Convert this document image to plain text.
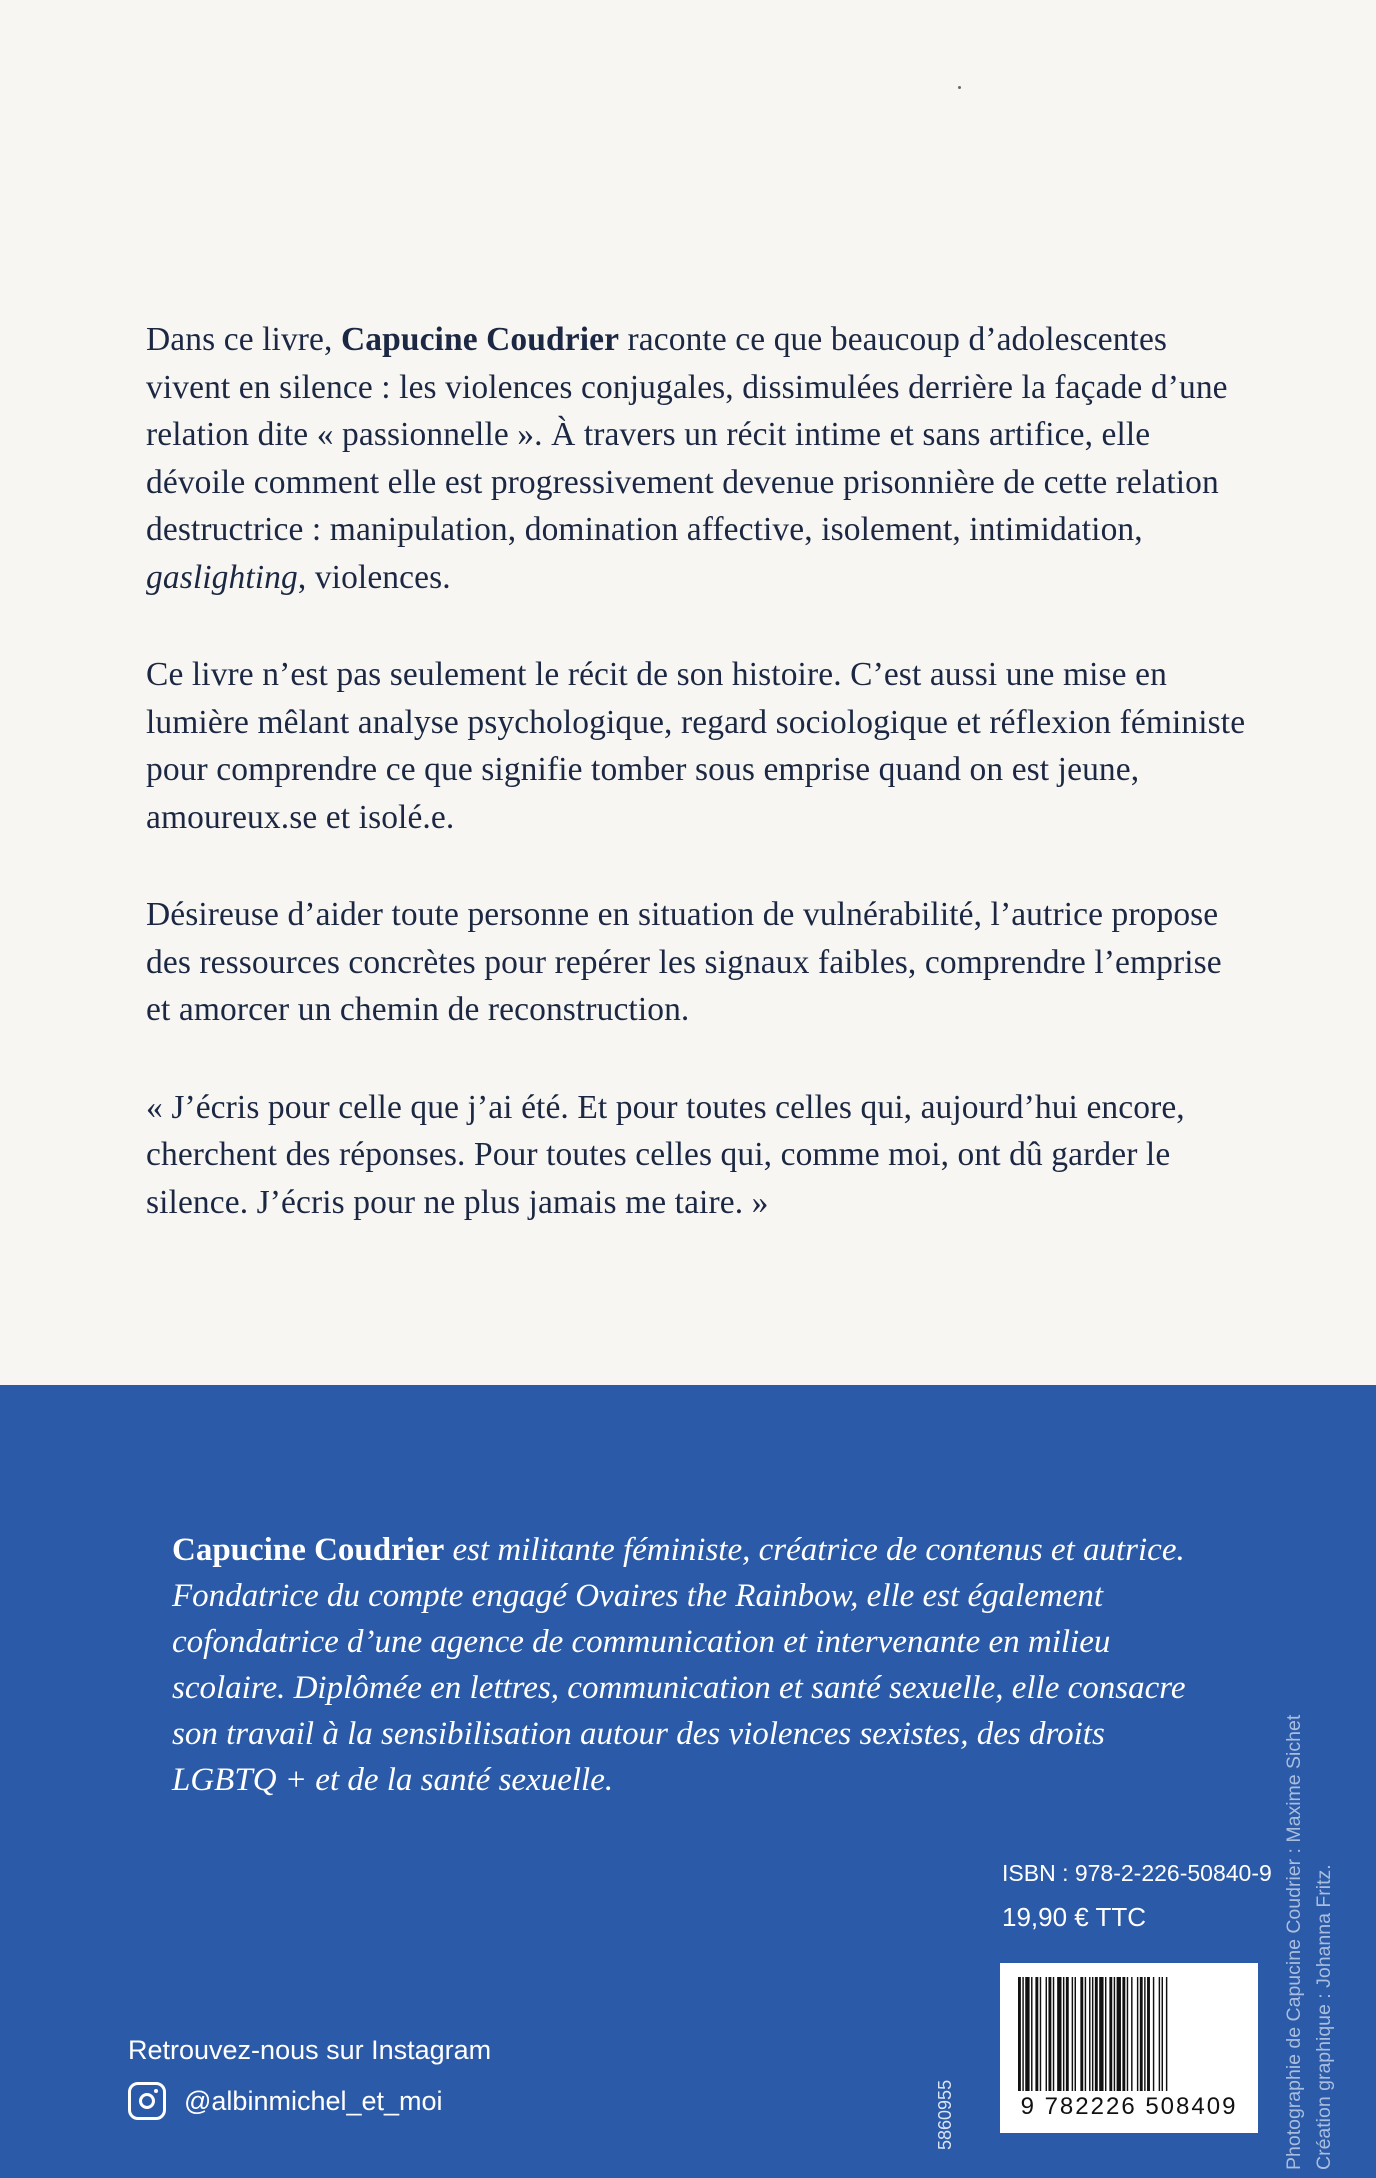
Dans ce livre, Capucine Coudrier raconte ce que beaucoup d’adolescentes vivent en silence : les violences conjugales, dissimulées derrière la façade d’une relation dite « passionnelle ». À travers un récit intime et sans artifice, elle dévoile comment elle est progressivement devenue prisonnière de cette relation destructrice : manipulation, domination affective, isolement, intimidation, gaslighting, violences.

Ce livre n’est pas seulement le récit de son histoire. C’est aussi une mise en lumière mêlant analyse psychologique, regard sociologique et réflexion féministe pour comprendre ce que signifie tomber sous emprise quand on est jeune, amoureux.se et isolé.e.

Désireuse d’aider toute personne en situation de vulnérabilité, l’autrice propose des ressources concrètes pour repérer les signaux faibles, comprendre l’emprise et amorcer un chemin de reconstruction.

« J’écris pour celle que j’ai été. Et pour toutes celles qui, aujourd’hui encore, cherchent des réponses. Pour toutes celles qui, comme moi, ont dû garder le silence. J’écris pour ne plus jamais me taire. »

Capucine Coudrier est militante féministe, créatrice de contenus et autrice. Fondatrice du compte engagé Ovaires the Rainbow, elle est également cofondatrice d’une agence de communication et intervenante en milieu scolaire. Diplômée en lettres, communication et santé sexuelle, elle consacre son travail à la sensibilisation autour des violences sexistes, des droits LGBTQ + et de la santé sexuelle.	Photographie de Capucine Coudrier : Maxime Sichet Création graphique : Johanna Fritz.
ISBN : 978-2-226-50840-9
19,90 € TTC
9 782226 508409
5860955
Retrouvez-nous sur Instagram
@albinmichel_et_moi
